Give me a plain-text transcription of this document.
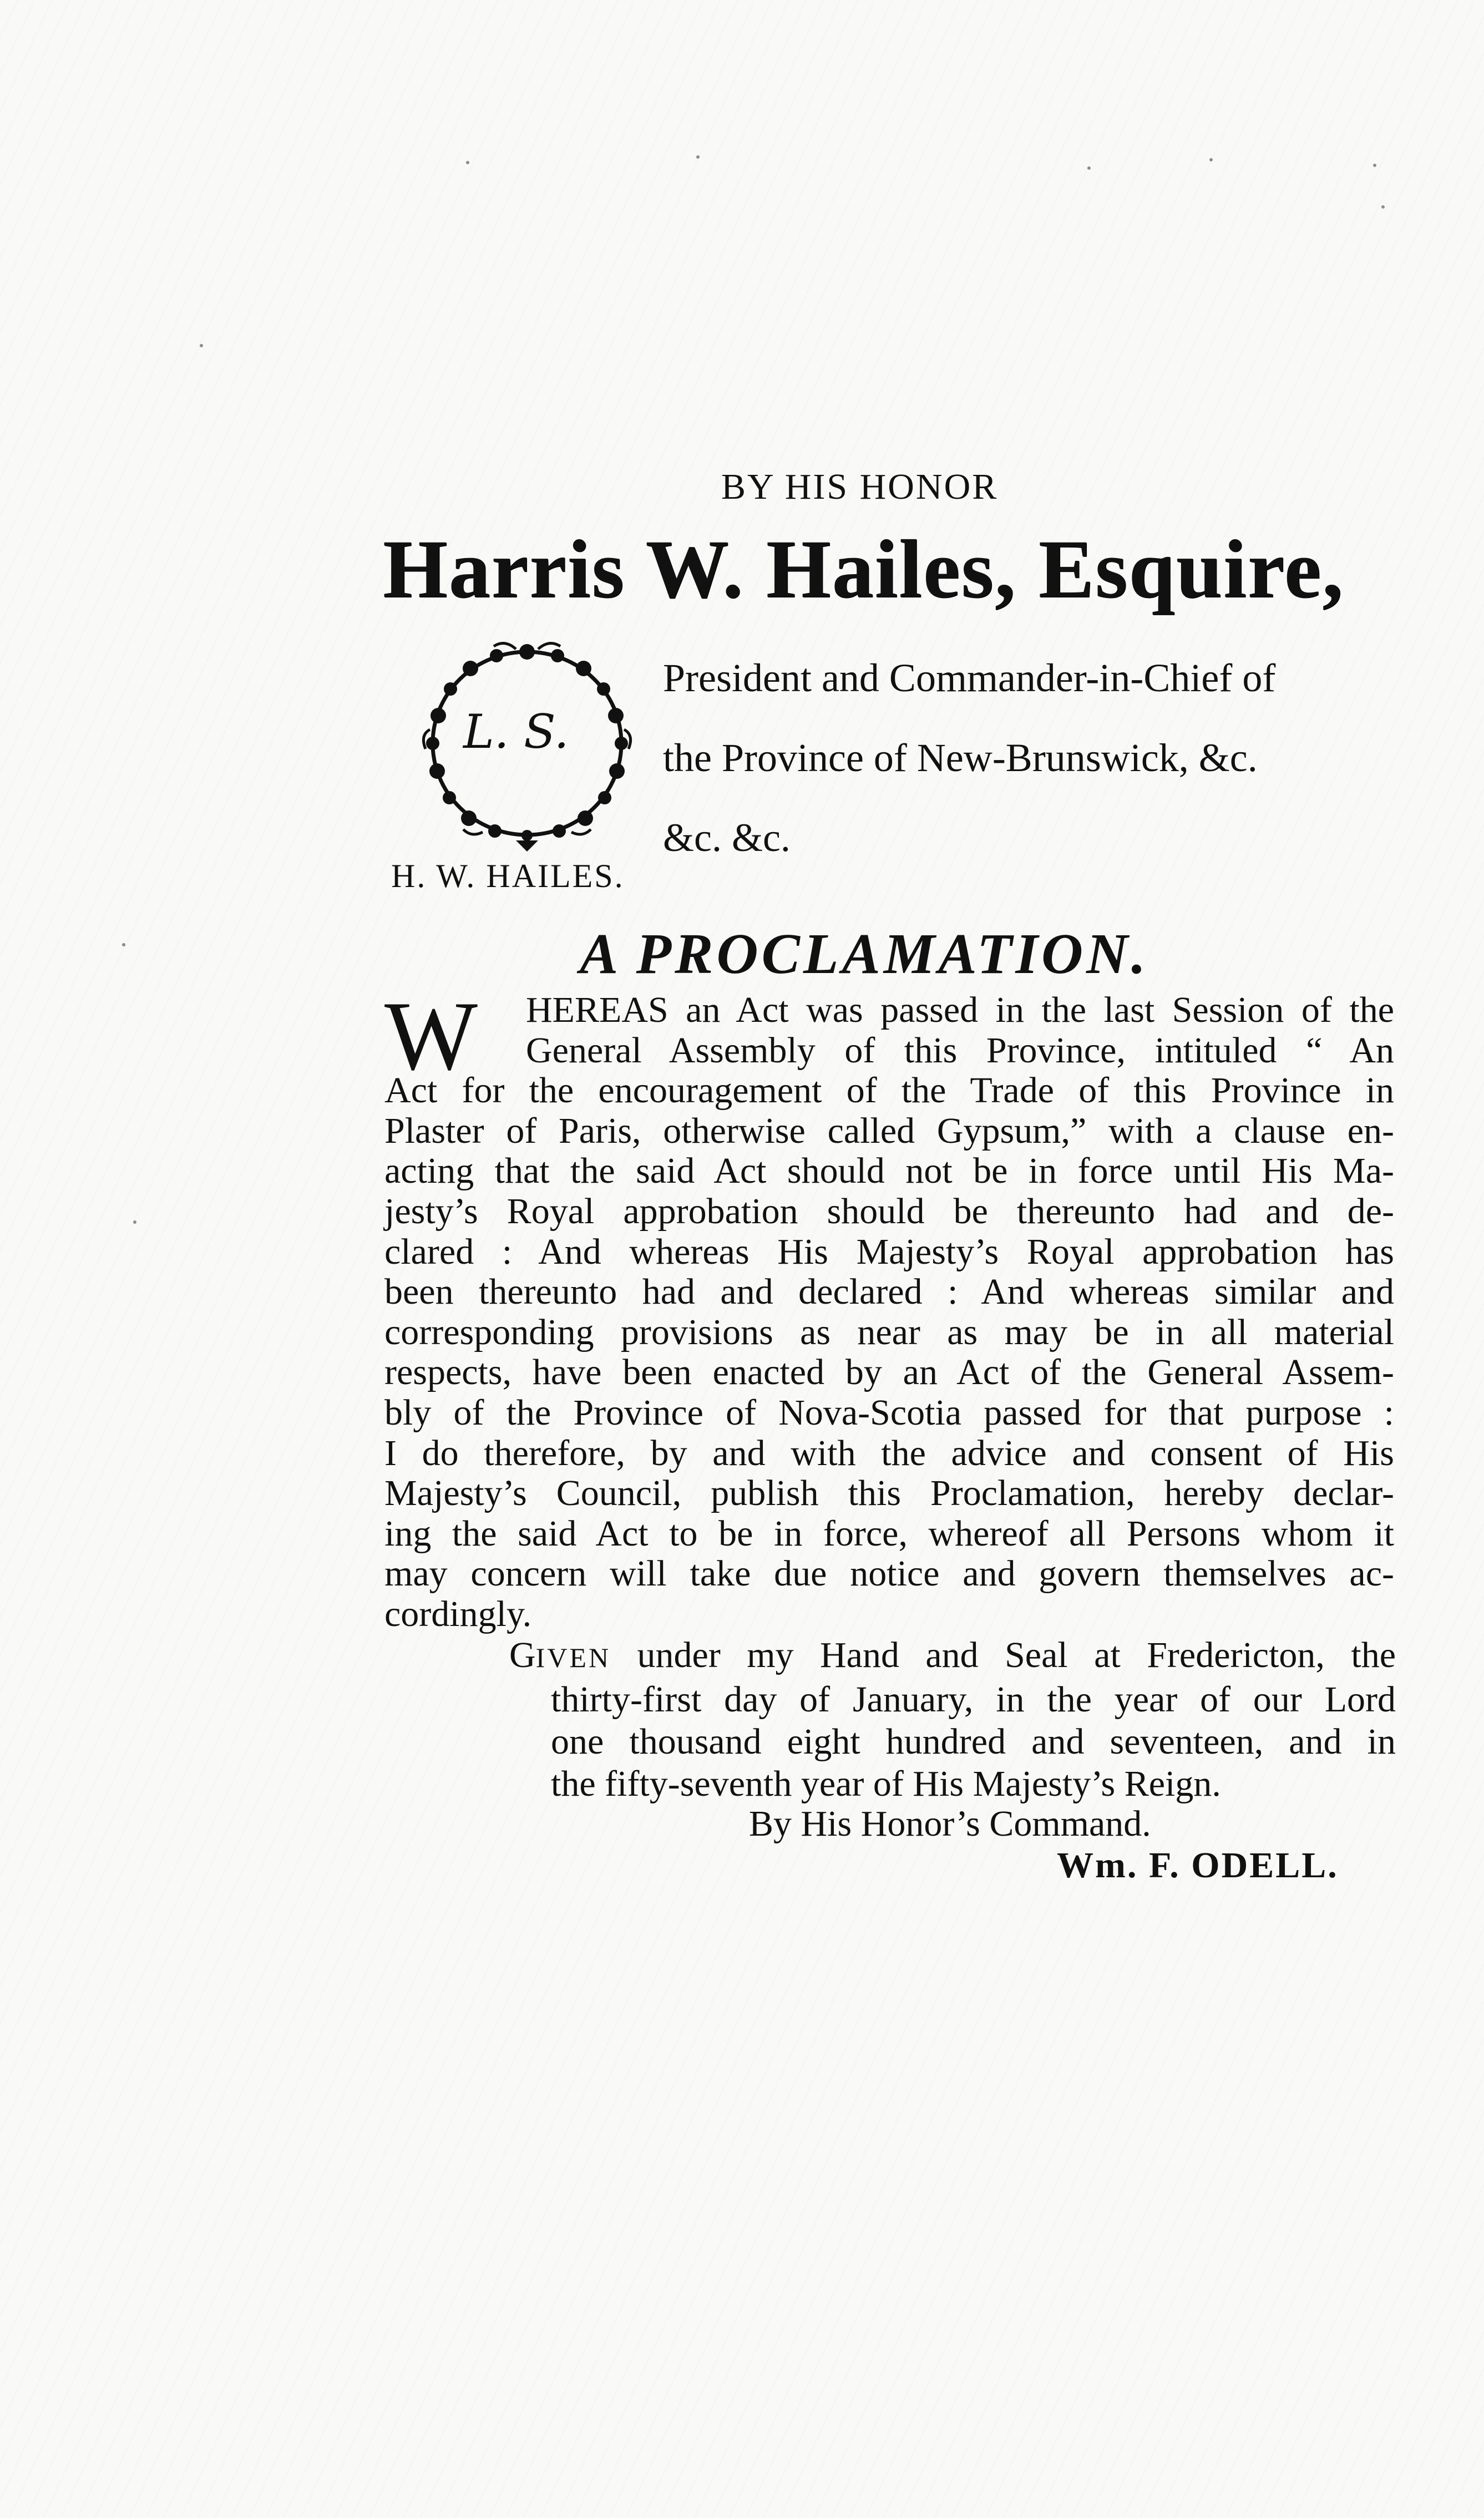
BY HIS HONOR
Harris W. Hailes, Esquire,
L. S.
President and Commander-in-Chief of
the Province of New-Brunswick, &c.
&c. &c.
H. W. HAILES.
A PROCLAMATION.
W	HEREAS an Act was passed in the last Session of the
General Assembly of this Province, intituled “ An
Act for the encouragement of the Trade of this Province in
Plaster of Paris, otherwise called Gypsum,” with a clause en-
acting that the said Act should not be in force until His Ma-
jesty’s Royal approbation should be thereunto had and de-
clared : And whereas His Majesty’s Royal approbation has
been thereunto had and declared : And whereas similar and
corresponding provisions as near as may be in all material
respects, have been enacted by an Act of the General Assem-
bly of the Province of Nova-Scotia passed for that purpose :
I do therefore, by and with the advice and consent of His
Majesty’s Council, publish this Proclamation, hereby declar-
ing the said Act to be in force, whereof all Persons whom it
may concern will take due notice and govern themselves ac-
cordingly.
GIVEN under my Hand and Seal at Fredericton, the
thirty-first day of January, in the year of our Lord
one thousand eight hundred and seventeen, and in
the fifty-seventh year of His Majesty’s Reign.
By His Honor’s Command.
Wm. F. ODELL.
